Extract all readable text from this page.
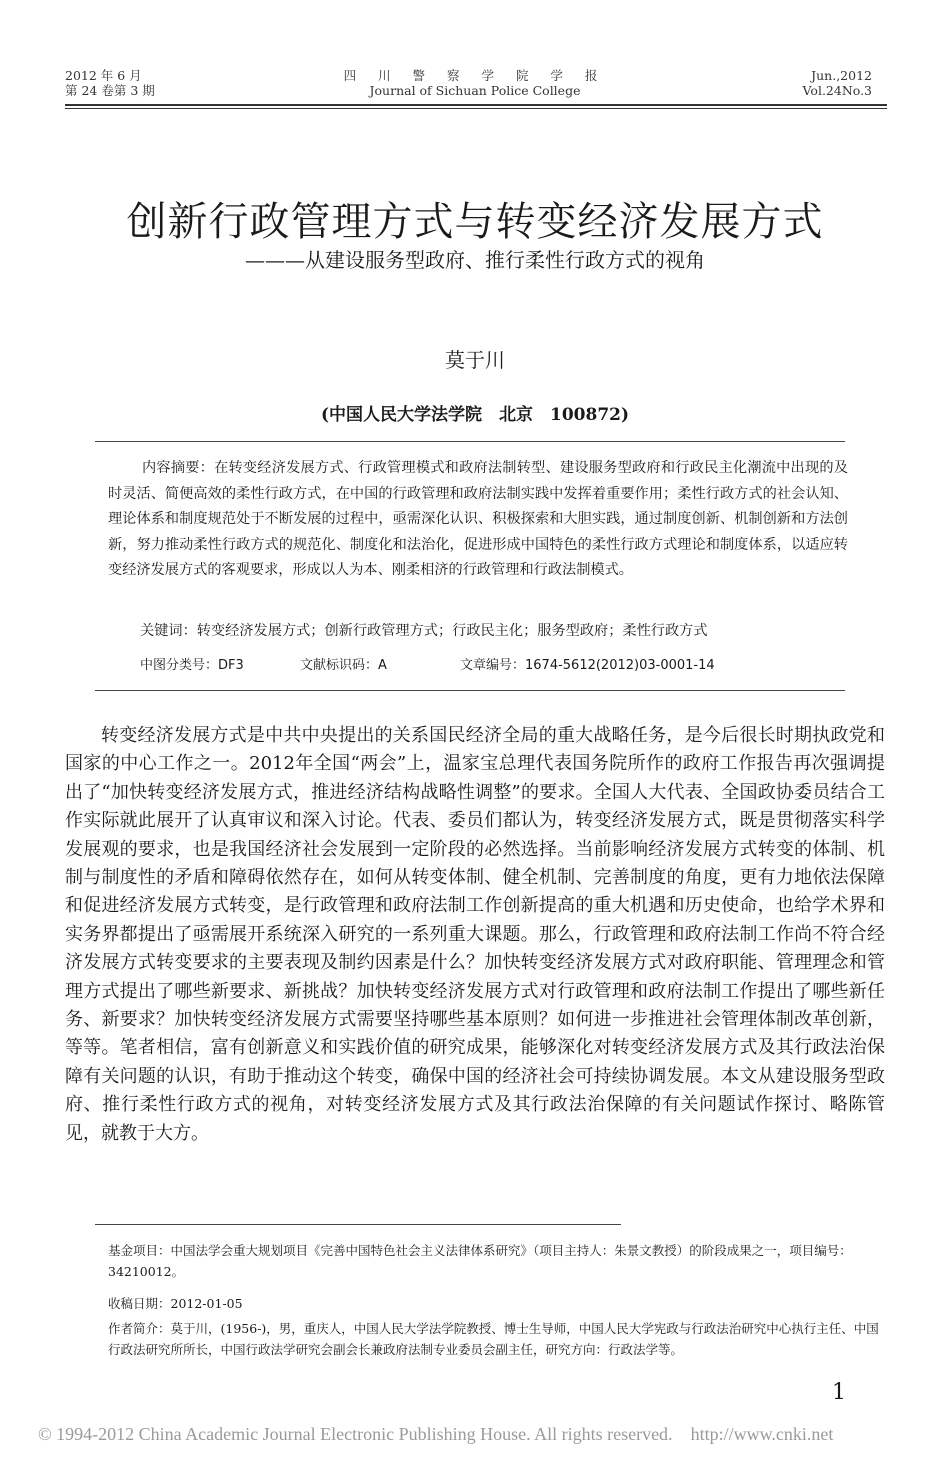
2012 年 6 月
第 24 卷第 3 期
四 川 警 察 学 院 学 报
Journal of Sichuan Police College
Jun.,2012
Vol.24No.3
创新行政管理方式与转变经济发展方式
———从建设服务型政府、推行柔性行政方式的视角
莫于川
(中国人民大学法学院　北京　100872)
内容摘要：在转变经济发展方式、行政管理模式和政府法制转型、建设服务型政府和行政民主化潮流中出现的及时灵活、简便高效的柔性行政方式，在中国的行政管理和政府法制实践中发挥着重要作用；柔性行政方式的社会认知、理论体系和制度规范处于不断发展的过程中，亟需深化认识、积极探索和大胆实践，通过制度创新、机制创新和方法创新，努力推动柔性行政方式的规范化、制度化和法治化，促进形成中国特色的柔性行政方式理论和制度体系，以适应转变经济发展方式的客观要求，形成以人为本、刚柔相济的行政管理和行政法制模式。
关键词：转变经济发展方式；创新行政管理方式；行政民主化；服务型政府；柔性行政方式
中图分类号：DF3	文献标识码：A	文章编号：1674-5612(2012)03-0001-14
转变经济发展方式是中共中央提出的关系国民经济全局的重大战略任务，是今后很长时期执政党和国家的中心工作之一。2012年全国“两会”上，温家宝总理代表国务院所作的政府工作报告再次强调提出了“加快转变经济发展方式，推进经济结构战略性调整”的要求。全国人大代表、全国政协委员结合工作实际就此展开了认真审议和深入讨论。代表、委员们都认为，转变经济发展方式，既是贯彻落实科学发展观的要求，也是我国经济社会发展到一定阶段的必然选择。当前影响经济发展方式转变的体制、机制与制度性的矛盾和障碍依然存在，如何从转变体制、健全机制、完善制度的角度，更有力地依法保障和促进经济发展方式转变，是行政管理和政府法制工作创新提高的重大机遇和历史使命，也给学术界和实务界都提出了亟需展开系统深入研究的一系列重大课题。那么，行政管理和政府法制工作尚不符合经济发展方式转变要求的主要表现及制约因素是什么？加快转变经济发展方式对政府职能、管理理念和管理方式提出了哪些新要求、新挑战？加快转变经济发展方式对行政管理和政府法制工作提出了哪些新任务、新要求？加快转变经济发展方式需要坚持哪些基本原则？如何进一步推进社会管理体制改革创新，等等。笔者相信，富有创新意义和实践价值的研究成果，能够深化对转变经济发展方式及其行政法治保障有关问题的认识，有助于推动这个转变，确保中国的经济社会可持续协调发展。本文从建设服务型政府、推行柔性行政方式的视角，对转变经济发展方式及其行政法治保障的有关问题试作探讨、略陈管见，就教于大方。
基金项目：中国法学会重大规划项目《完善中国特色社会主义法律体系研究》（项目主持人：朱景文教授）的阶段成果之一，项目编号：34210012。
收稿日期：2012-01-05
作者简介：莫于川，(1956-)，男，重庆人，中国人民大学法学院教授、博士生导师，中国人民大学宪政与行政法治研究中心执行主任、中国行政法研究所所长，中国行政法学研究会副会长兼政府法制专业委员会副主任，研究方向：行政法学等。
1
© 1994-2012 China Academic Journal Electronic Publishing House. All rights reserved. http://www.cnki.net
